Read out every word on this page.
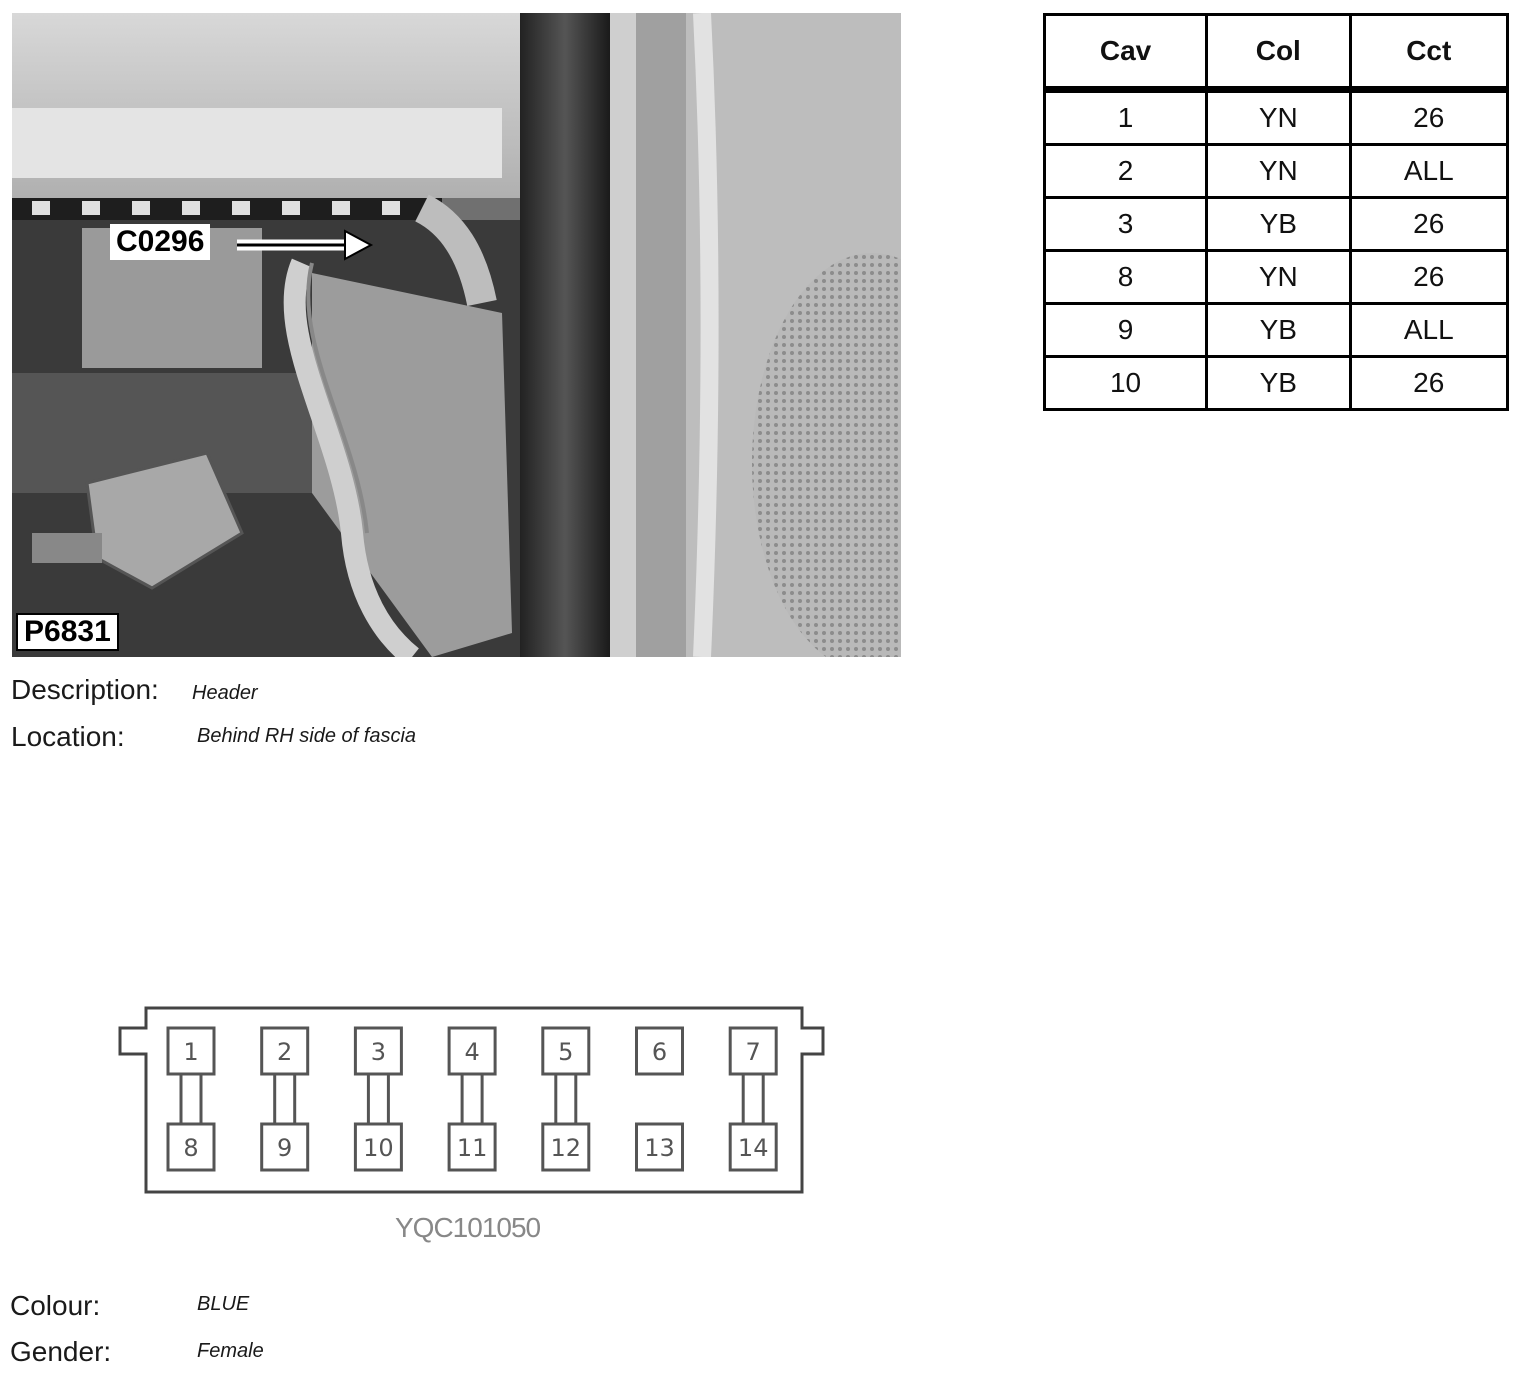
C0296
P6831
Cav	Col	Cct
1	YN	26
2	YN	ALL
3	YB	26
8	YN	26
9	YB	ALL
10	YB	26
Description: Header
Location:	Behind RH side of fascia
1
8
2
9
3
10
4
11
5
12
6
13
7
14
YQC101050
Colour:	BLUE
Gender:	Female
